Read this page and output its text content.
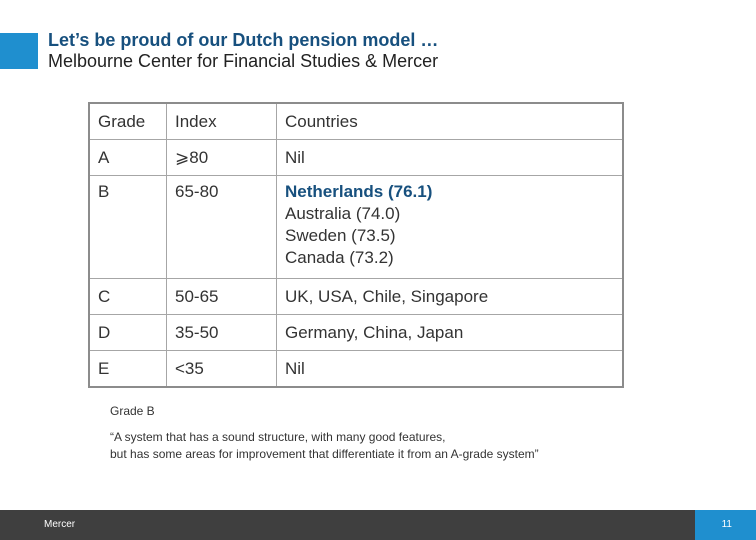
Let’s be proud of our Dutch pension model …
Melbourne Center for Financial Studies & Mercer
Grade	Index	Countries
A	⩾80	Nil
B	65-80	Netherlands (76.1)
Australia (74.0)
Sweden (73.5)
Canada (73.2)

C	50-65	UK, USA, Chile, Singapore
D	35-50	Germany, China, Japan
E	<35	Nil
Grade B
“A system that has a sound structure, with many good features,
but has some areas for improvement that differentiate it from an A-grade system”
Mercer	11
